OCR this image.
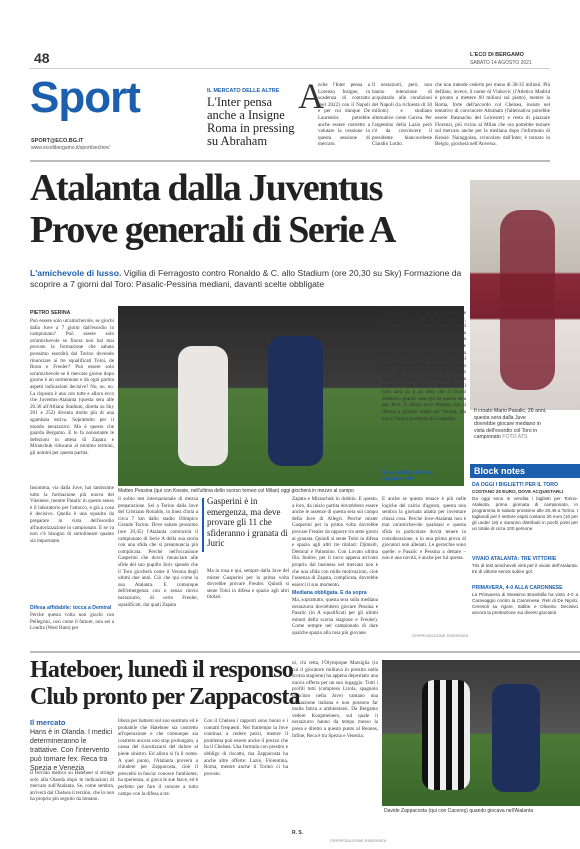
48
Sport
SPORT@ECO.BG.IT
www.ecodibergamo.it/sport/section/
L'ECO DI BERGAMO
SABATO 14 AGOSTO 2021
IL MERCATO DELLE ALTRE
L'Inter pensa anche a Insigne Roma in pressing su Abraham
A
nche l'Inter pensa a Lorenzo Insigne, in scadenza di contratto (nel 2022) con il Napoli e per cui dunque De Laurentiis potrebbe anche essere costretto a valutare la cessione in questa sessione di mercato.
Il nerazzurri, però, non hanno intenzione di acquistarlo alle condizioni del Napoli (la richiesta di 30 milioni) e studiano alternative come Correa. Per l'argentino della Lazio però c'è da convincere il presidente biancoceleste Claudio Lotito.
che non intende cederlo per meno di 30-35 milioni. Più defilato, invece, il nome di Vlahovic (l'Atletico Madrid è pronto a mettere 60 milioni sul piatto), mentre la Roma, forte dell'accordo col Chelsea, insiste nel tentativo di convincere Abraham (l'alternativa potrebbe essere Iheanacho del Leicester) e resta di piazzare Florenzi, più vicino al Milan che ora potrebbe tornare sul mercato anche per la mediana dopo l'infortunio di Kessié. Nainggolan, svincolato dall'Inter, è tornato in Belgio, giocherà nell'Anversa.
Atalanta dalla Juventus
Prove generali di Serie A
Il croato Mario Pasalic, 26 anni, questa sera dalla Juve dovrebbe giocare mediano in vista dell'esordio col Toro in campionato FOTO ATS
L'amichevole di lusso. Vigilia di Ferragosto contro Ronaldo & C. allo Stadium (ore 20,30 su Sky) Formazione da scoprire a 7 giorni dal Toro: Pasalic-Pessina mediani, davanti scelte obbligate
Matteo Pessina (qui con Kessie, nell'ultima dello scorso torneo col Milan) oggi giocherà in mezzo al campo
PIETRO SERINA
Può essere solo un'amichevole, se giochi dalla Juve a 7 giorni dall'esordio in campionato? Può essere solo un'amichevole se finora non hai mai provato la formazione che sabato prossimo esordirà dal Torino dovendo rinunciare ai tre squalificati Toloi, de Roon e Freuler? Può essere solo un'amichevole se il mercato giorno dopo giorno è un tormentone e da ogni partita aspetti indicazioni decisive? No, no, no. La risposta è una con tutte e allora ecco che Juventus-Atalanta (questa sera alle 20.30 all'Allianz Stadium, diretta su Sky 201 e 252) diventa molto più di una sgambata estiva. Soprattutto per il mondo nerazzurro. Ma è questo che guarda Bergamo. E lo fa nonostante le defezioni in attesa di Zapata e Miranchuk riducano al minimo termini, gli uomini per questa partita.
Insomma, via dalla Juve, hai tantissime tutto la formazione più nuova del Viennese, mentre Pasalic in questo senso è il laboratorio per l'attacco, e già a cosa è decisivo. Quella è una squadra da preparare in vista dell'esordio all'autorizzazione in campionato. E se va non c'è bisogno di sottolineare quanto sia importante.
Difesa affidabile: tocca a Demiral
Perché questa volta non giochi con Pellegrini, così come il fattore, non sei a Londra (West Ham) per
il solito test internazionale di mezza preparazione. Sei a Torino dalla Juve del Cristiano Ronaldo, in linea d'aria a circa 7 km dallo stadio Olimpico Grande Torino. Dove sabato prossimo (ore 20,45) l'Atalanta comincerà il campionato di Serie A della sua storia con una sfida che si preannuncia più complicata. Perché nell'occasione Gasperini che dovrà rinunciare alle sfide del suo pupillo Juric spendo che il Toro giocherà come il Verona degli ultimi due anni. Ciò che qui come la sua Atalanta. E comunque dell'emergenza con o senza rinvio nerazzurro, di certo Freuler, squalificati, dai quali Zapata
Gasperini è in emergenza, ma deve provare gli 11 che sfideranno i granata di Juric
Zapata e Miranchuk in dubbio. E questo, a loro, da inizio partita dovrebbero essere anche le assenze di questa sera sul campo della Juve di Allegri. Perché mister Gasperini per la prima volta dovrebbe provare Freuler da opporre tra sette giorni ai granata. Quindi si sente Toloi in difesa e spazio agli altri tre titolari: Djimsiti, Demiral e Palomino. Con Lovato ultima fila. Inoltre, per il turco appena arrivato proprio dal business nel mercato non è che una sfida con mille motivazioni, cioè l'assenza di Zapata, complicata, dovrebbe esserci il suo momento.
Ma la rosa e qui, sempre dalla Juve del mister Gasperini per la prima volta dovrebbe provare Freuler. Quindi si sente Toloi in difesa e spazio agli altri titolari.
Mediana obbligata. E da sopra
Ma, soprattutto, questa sera sulla mediana nerazzurra dovrebbero giocare Pessina e Pasalic (in A squalificati per gli ultimi minuti della scorsa stagione e Freuler). Come sempre nel campionato di dare qualche spazio alla rosa più giovane.
rosso, sono le uniche alternative possibili nel gruppo di titolari, Ilicic, Pasalic e Pessina schierati sulla linea di Maehle e Gosens, entrambi dottati in una posizione che conoscono anche non ancora mai occupato, ma il nome Pessina già nelle abitudini, avendo da tempo fatto parte delle caratteristiche del trequartista-incursore. Ma non ci sono altri big disponibili, quindi saranno Pasalic e Pessina ad affrontare la forza d'urto dei centrocampisti bianconeri. Il tutto sarà da lì ad oltre che il livello difensivo grandi cose già da questa sera per Juve. E allora ecco Pessina che si ritrova a giocare come nel Verona, ma non è l'unico problema di Gasperini.
Solo quattro davanti: esperimenti?
E anche se questo tenace è più nelle logiche del calcio d'agosto, questa non sembra la giornata adatta per inventare chissà cosa. Perché Jove-Atalanta non è mai un'amichevole qualsiasi e questa sfida in particolare dovrà tenere in considerazione, e in una prima prova di giocatori non allenati. Le gerarchie sono quelle: e Pasalic e Pessina a dettare – non è una novità, è anche per lui questa.
©RIPRODUZIONE RISERVATA
Block notes
DA OGGI I BIGLIETTI PER IL TORO
COSTANO 20 EURO, DOVE ACQUISTARLI
Da oggi sono in vendita i biglietti per Torino-Atalanta, prima giornata di campionato, in programma in sabato prossimo alle 20,45 a Torino. I tagliandi per il settore ospiti costano 20 euro (10 per gli under 18) e saranno distribuiti in pochi posti per un totale di circa 100 persone.
VIVAIO ATALANTA: TRE VITTORIE
Tris di test amichevoli vinti per il vivaio dell'Atalanta: tre di vittorie senza subire gol.
PRIMAVERA, 4-0 ALLA CARONNESE
La Primavera di Massimo Brambilla ha vinto 4-0 a Caravaggio contro la Caronnese. Reti di De Nipoti, Ceresoli su rigore, Sidibe e Oliveira. Decisivo ancora la prestazione sui diversi giocatori.
Hateboer, lunedì il responso
Club pronto per Zappacosta
Il mercato
Hans è in Olanda. I medici determineranno le trattative. Con l'intervento può tornare fex. Reca tra Spezia e Venezia
Il cerchio medico su Hateboer si stringe solo alla Olanda dopo le indicazioni di mercato sull'Atalanta. Se, come sembra, arriverà dal Chelsea il terzino, che lo non ha proprio più seguito da lontano.
libera per battersi sul suo sostituto ed è probabile che Hateboer sia costretto all'operazione e che comunque sia costretto ancora uno stop prolungato, a causa del riacutizzarsi del dolore al piede sinistro. Ed allora si fa il nome. A quel punto, l'Atalanta proverà a chiudere per Zappacosta, cioè il prescelto in fascia: conosce l'ambiente, ha sperienza, si gioca le sue fasce, ed è perfetto per fare il cursore a tutto campo con la difesa a tre.
Con il Chelsea i rapporti sono buoni e i contatti frequenti. Nel frattempo la Juve continua a cedere pezzi, mentre il problema può essere anche il prezzo che ha il Chelsea. Una formula con prestito e obbligo di riscatto, ma Zappacosta ha anche altre offerte: Lazio, Fiorentina, Roma, mentre anche il Torino ci ha provato.
ni, chi retta, l'Olympique Marsiglia (in cui il giocatore militava in prestito nella scorsa stagione) ha appena depositato una nuova offerta per un suo ingaggio. Tutti i profili tutti (compreso Lirola, spagnolo cresciuto nella Juve) vantano una formazione italiana e non possono far molta fatica a ambientarsi. Da Bergamo vedere Koopmeiners, sul quale il nerazzurro hanno da tempo messo la presa e diretto a questo punto al Rennes, Infine, Reca è tra Spezia e Venezia.
R. S.
©RIPRODUZIONE RISERVATA
Davide Zappacosta (qui con Cacereş) quando giocava nell'Atalanta
